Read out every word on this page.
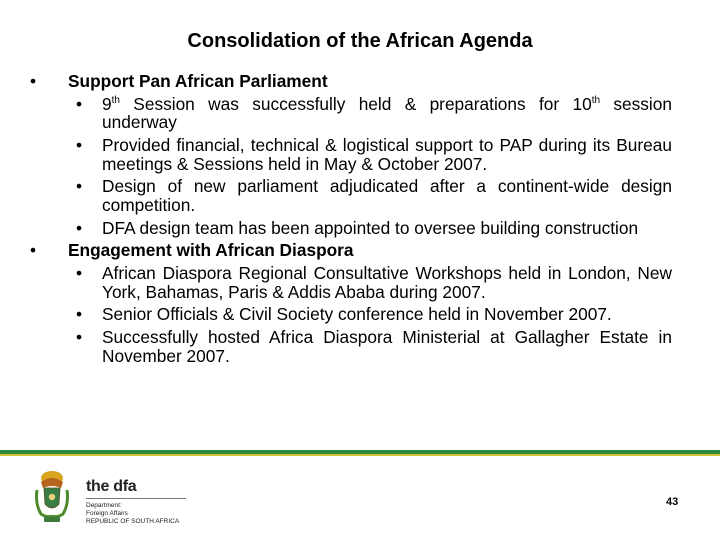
Consolidation of the African Agenda
• Support Pan African Parliament
• 9th Session was successfully held & preparations for 10th session underway
• Provided financial, technical & logistical support to PAP during its Bureau meetings & Sessions held in May & October 2007.
• Design of new parliament adjudicated after a continent-wide design competition.
• DFA design team has been appointed to oversee building construction
• Engagement with African Diaspora
• African Diaspora Regional Consultative Workshops held in London, New York, Bahamas, Paris & Addis Ababa during 2007.
• Senior Officials & Civil Society conference held in November 2007.
• Successfully hosted Africa Diaspora Ministerial at Gallagher Estate in November 2007.
the dfa
Department:
Foreign Affairs
REPUBLIC OF SOUTH AFRICA
43
